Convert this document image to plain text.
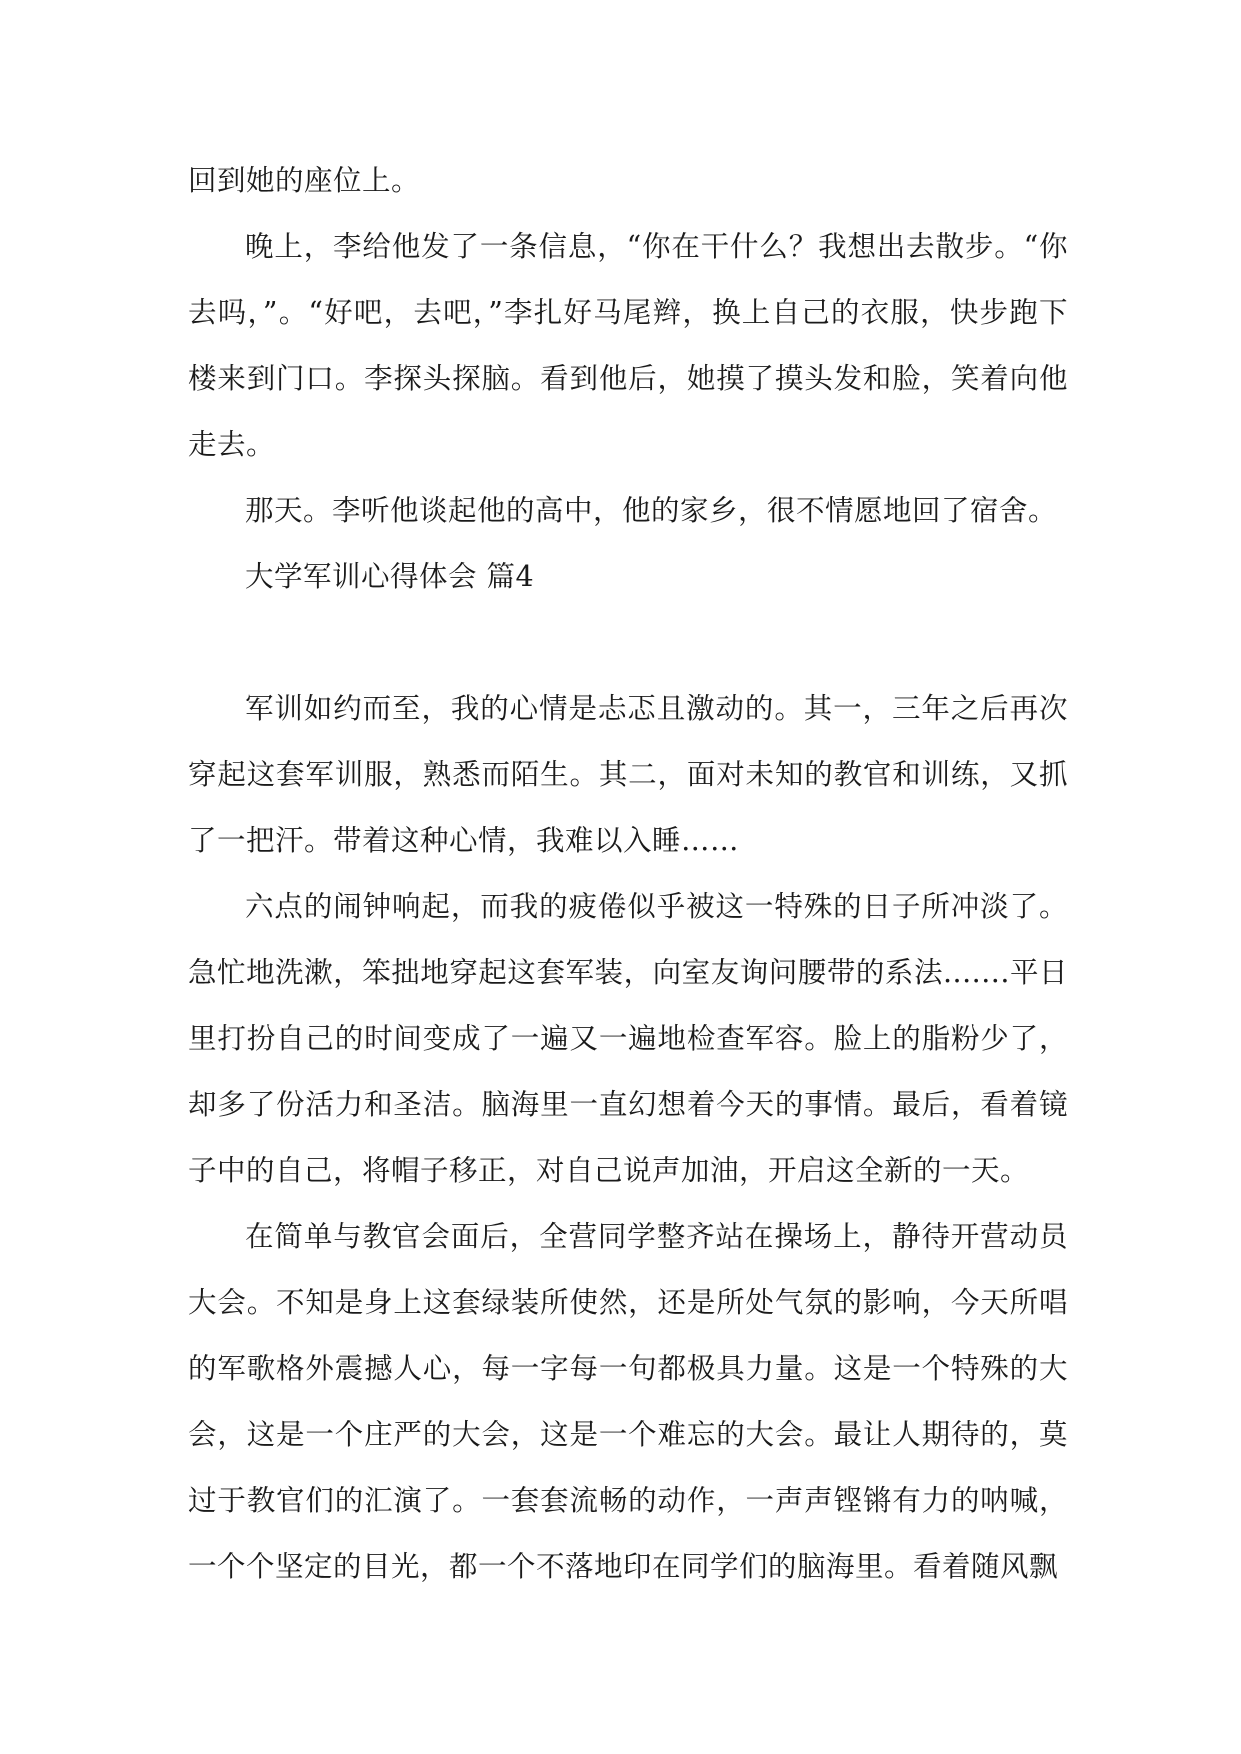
回到她的座位上。

晚上，李给他发了一条信息，“你在干什么？我想出去散步。“你去吗，”。“好吧，去吧，”李扎好马尾辫，换上自己的衣服，快步跑下楼来到门口。李探头探脑。看到他后，她摸了摸头发和脸，笑着向他走去。

那天。李听他谈起他的高中，他的家乡，很不情愿地回了宿舍。

大学军训心得体会 篇4

军训如约而至，我的心情是忐忑且激动的。其一，三年之后再次穿起这套军训服，熟悉而陌生。其二，面对未知的教官和训练，又抓了一把汗。带着这种心情，我难以入睡……

六点的闹钟响起，而我的疲倦似乎被这一特殊的日子所冲淡了。急忙地洗漱，笨拙地穿起这套军装，向室友询问腰带的系法.......平日里打扮自己的时间变成了一遍又一遍地检查军容。脸上的脂粉少了，却多了份活力和圣洁。脑海里一直幻想着今天的事情。最后，看着镜子中的自己，将帽子移正，对自己说声加油，开启这全新的一天。

在简单与教官会面后，全营同学整齐站在操场上，静待开营动员大会。不知是身上这套绿装所使然，还是所处气氛的影响，今天所唱的军歌格外震撼人心，每一字每一句都极具力量。这是一个特殊的大会，这是一个庄严的大会，这是一个难忘的大会。最让人期待的，莫过于教官们的汇演了。一套套流畅的动作，一声声铿锵有力的呐喊，一个个坚定的目光，都一个不落地印在同学们的脑海里。看着随风飘
